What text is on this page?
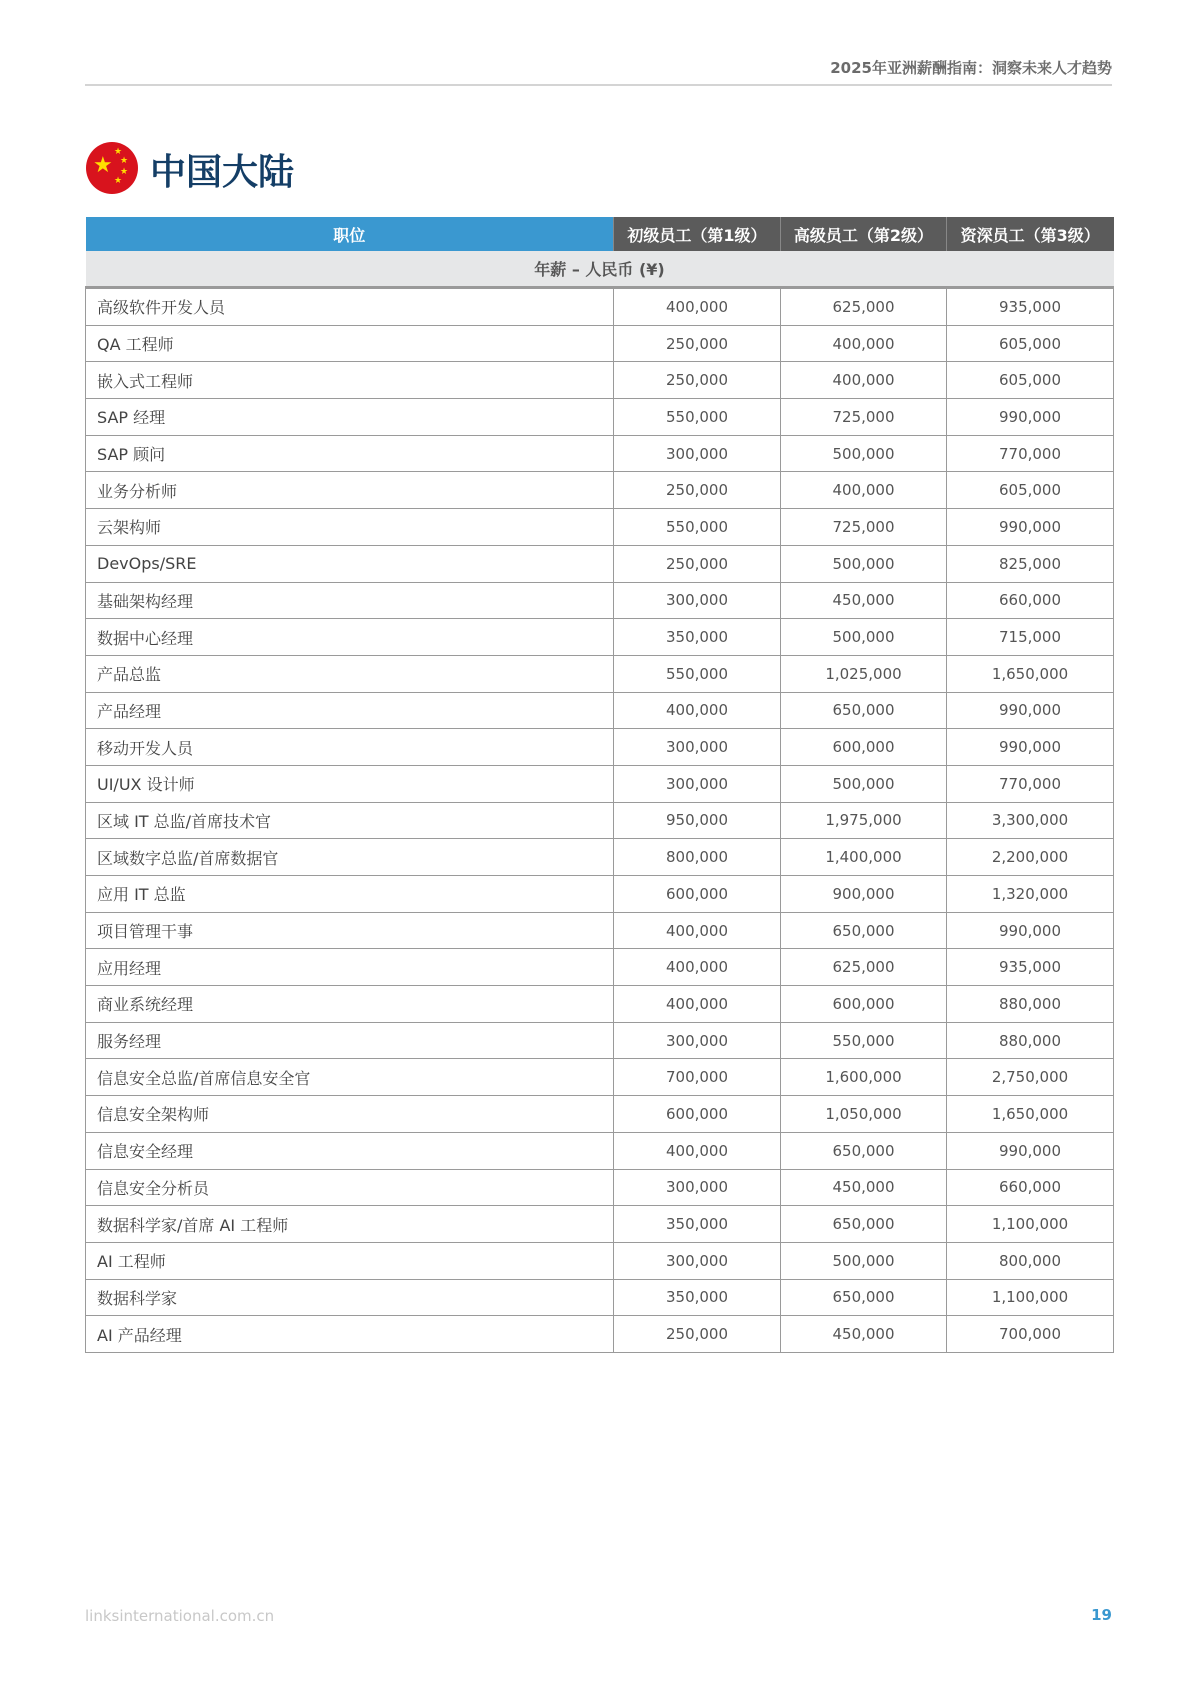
2025年亚洲薪酬指南：洞察未来人才趋势
★
★
★
★
★ 中国大陆
职位	初级员工（第1级）	高级员工（第2级）	资深员工（第3级）
年薪 – 人民币 (¥)			
高级软件开发人员	400,000	625,000	935,000
QA 工程师	250,000	400,000	605,000
嵌入式工程师	250,000	400,000	605,000
SAP 经理	550,000	725,000	990,000
SAP 顾问	300,000	500,000	770,000
业务分析师	250,000	400,000	605,000
云架构师	550,000	725,000	990,000
DevOps/SRE	250,000	500,000	825,000
基础架构经理	300,000	450,000	660,000
数据中心经理	350,000	500,000	715,000
产品总监	550,000	1,025,000	1,650,000
产品经理	400,000	650,000	990,000
移动开发人员	300,000	600,000	990,000
UI/UX 设计师	300,000	500,000	770,000
区域 IT 总监/首席技术官	950,000	1,975,000	3,300,000
区域数字总监/首席数据官	800,000	1,400,000	2,200,000
应用 IT 总监	600,000	900,000	1,320,000
项目管理干事	400,000	650,000	990,000
应用经理	400,000	625,000	935,000
商业系统经理	400,000	600,000	880,000
服务经理	300,000	550,000	880,000
信息安全总监/首席信息安全官	700,000	1,600,000	2,750,000
信息安全架构师	600,000	1,050,000	1,650,000
信息安全经理	400,000	650,000	990,000
信息安全分析员	300,000	450,000	660,000
数据科学家/首席 AI 工程师	350,000	650,000	1,100,000
AI 工程师	300,000	500,000	800,000
数据科学家	350,000	650,000	1,100,000
AI 产品经理	250,000	450,000	700,000
linksinternational.com.cn	19
